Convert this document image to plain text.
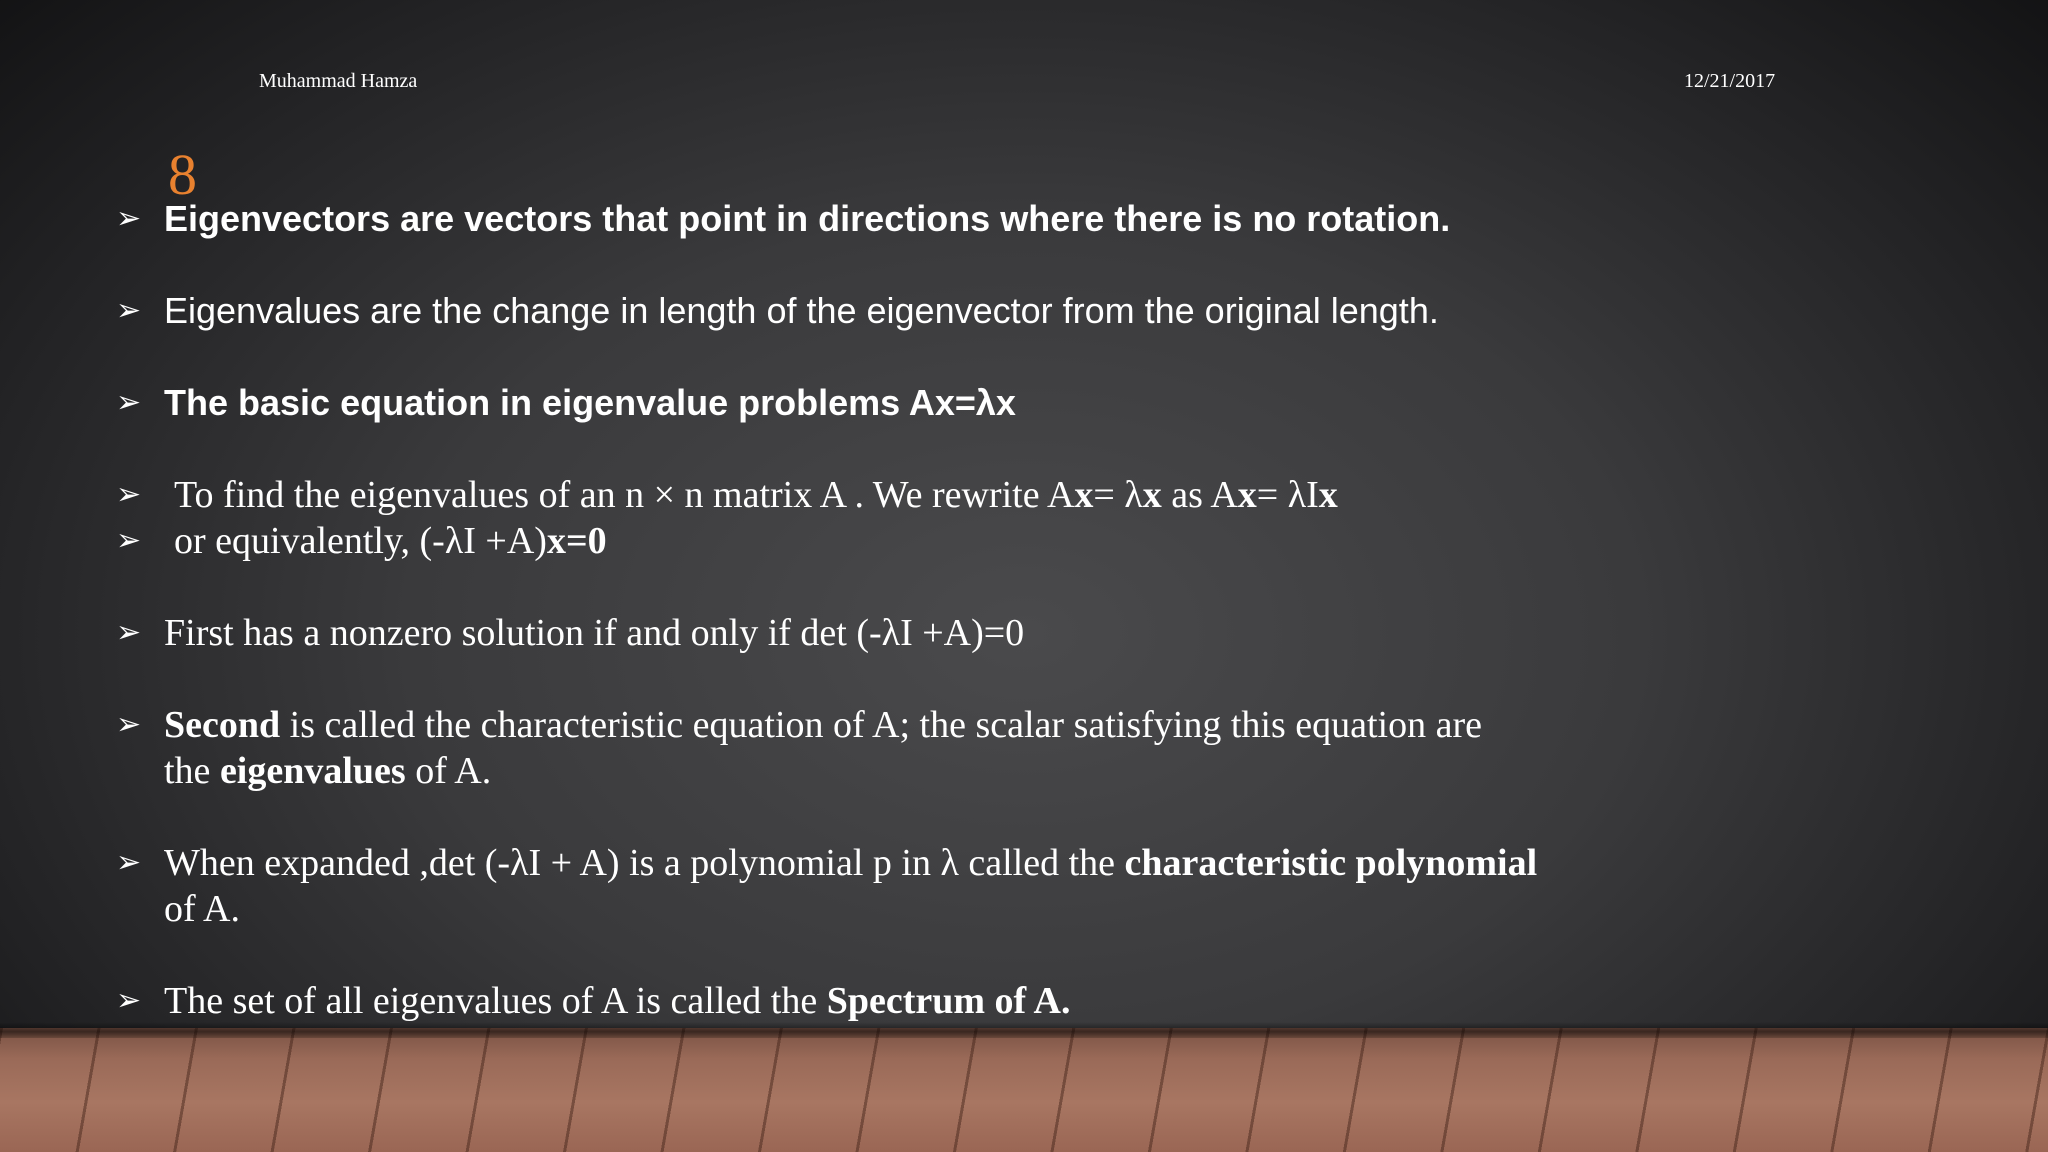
Muhammad Hamza	12/21/2017
8
➢ Eigenvectors are vectors that point in directions where there is no rotation.
➢ Eigenvalues are the change in length of the eigenvector from the original length.
➢ The basic equation in eigenvalue problems Ax=λx
➢ To find the eigenvalues of an n × n matrix A . We rewrite Ax= λx as Ax= λIx
➢ or equivalently, (-λI +A)x=0
➢ First has a nonzero solution if and only if det (-λI +A)=0
➢ Second is called the characteristic equation of A; the scalar satisfying this equation are the eigenvalues of A.
➢ When expanded ,det (-λI + A) is a polynomial p in λ called the characteristic polynomial of A.
➢ The set of all eigenvalues of A is called the Spectrum of A.
